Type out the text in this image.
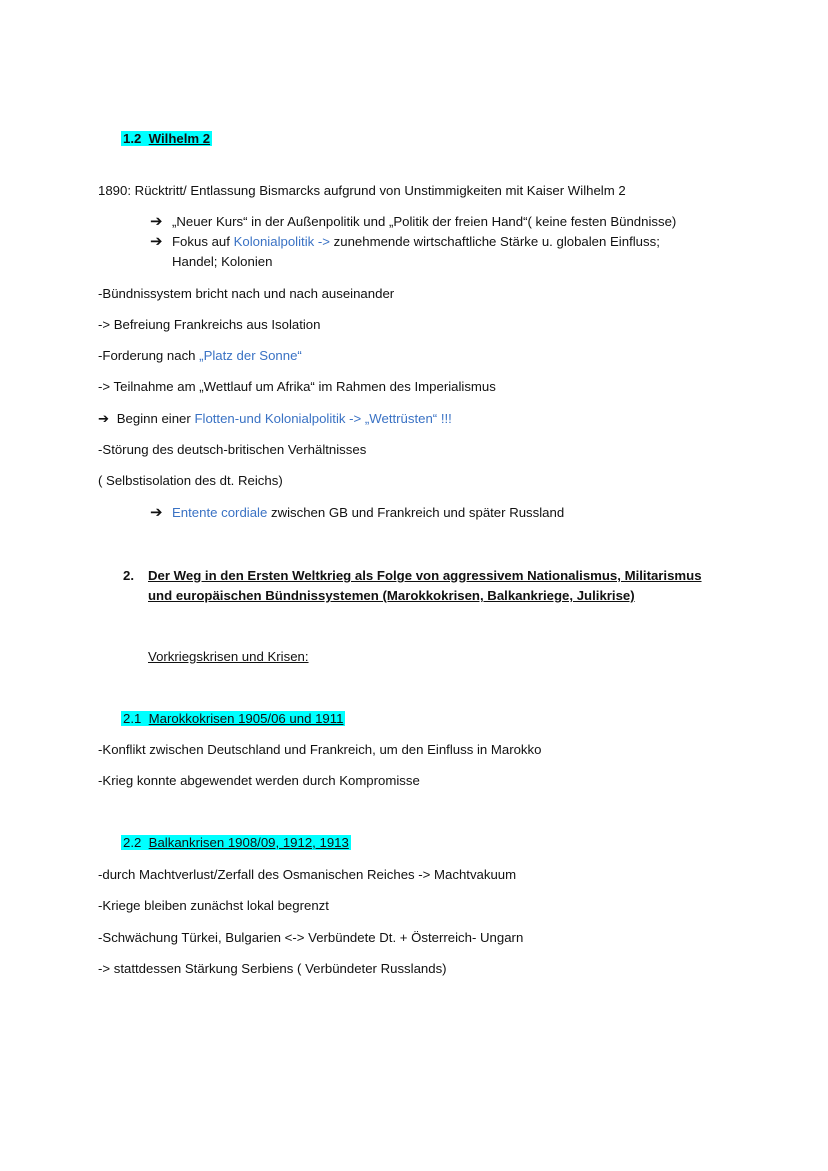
1.2 Wilhelm 2
1890: Rücktritt/ Entlassung Bismarcks aufgrund von Unstimmigkeiten mit Kaiser Wilhelm 2
➔ „Neuer Kurs“ in der Außenpolitik und „Politik der freien Hand“( keine festen Bündnisse)
➔ Fokus auf Kolonialpolitik -> zunehmende wirtschaftliche Stärke u. globalen Einfluss;
Handel; Kolonien
-Bündnissystem bricht nach und nach auseinander
-> Befreiung Frankreichs aus Isolation
-Forderung nach „Platz der Sonne“
-> Teilnahme am „Wettlauf um Afrika“ im Rahmen des Imperialismus
➔ Beginn einer Flotten-und Kolonialpolitik -> „Wettrüsten“ !!!
-Störung des deutsch-britischen Verhältnisses
( Selbstisolation des dt. Reichs)
➔ Entente cordiale zwischen GB und Frankreich und später Russland
2. Der Weg in den Ersten Weltkrieg als Folge von aggressivem Nationalismus, Militarismus
und europäischen Bündnissystemen (Marokkokrisen, Balkankriege, Julikrise)
Vorkriegskrisen und Krisen:
2.1 Marokkokrisen 1905/06 und 1911
-Konflikt zwischen Deutschland und Frankreich, um den Einfluss in Marokko
-Krieg konnte abgewendet werden durch Kompromisse
2.2 Balkankrisen 1908/09, 1912, 1913
-durch Machtverlust/Zerfall des Osmanischen Reiches -> Machtvakuum
-Kriege bleiben zunächst lokal begrenzt
-Schwächung Türkei, Bulgarien <-> Verbündete Dt. + Österreich- Ungarn
-> stattdessen Stärkung Serbiens ( Verbündeter Russlands)
